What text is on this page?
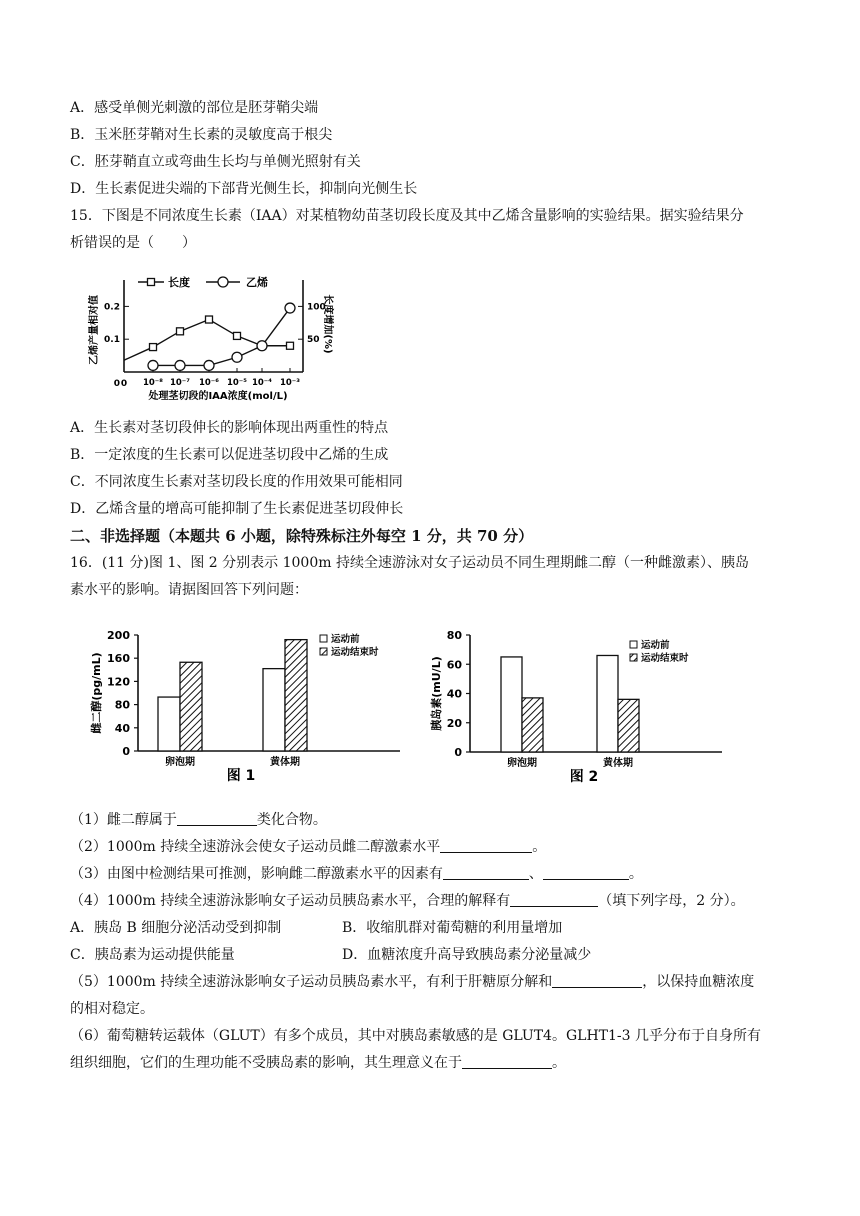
A．感受单侧光刺激的部位是胚芽鞘尖端
B．玉米胚芽鞘对生长素的灵敏度高于根尖
C．胚芽鞘直立或弯曲生长均与单侧光照射有关
D．生长素促进尖端的下部背光侧生长，抑制向光侧生长
15．下图是不同浓度生长素（IAA）对某植物幼苗茎切段长度及其中乙烯含量影响的实验结果。据实验结果分
析错误的是（　　）
0
0.1
0.2
50
100
10⁻⁸ 10⁻⁷ 10⁻⁶ 10⁻⁵ 10⁻⁴ 10⁻³
0
处理茎切段的IAA浓度(mol/L)
乙烯产量相对值	长度增加(%)
长度	乙烯
A．生长素对茎切段伸长的影响体现出两重性的特点
B．一定浓度的生长素可以促进茎切段中乙烯的生成
C．不同浓度生长素对茎切段长度的作用效果可能相同
D．乙烯含量的增高可能抑制了生长素促进茎切段伸长
二、非选择题（本题共 6 小题，除特殊标注外每空 1 分，共 70 分）
16．(11 分)图 1、图 2 分别表示 1000m 持续全速游泳对女子运动员不同生理期雌二醇（一种雌激素）、胰岛
素水平的影响。请据图回答下列问题：
0
40
80
120
160
200
雌二醇(pg/mL)
运动前
运动结束时
图 1
卵泡期	黄体期
0
20
40
60
80
胰岛素(mU/L)
运动前
运动结束时
图 2
卵泡期	黄体期
（1）雌二醇属于	类化合物。
（2）1000m 持续全速游泳会使女子运动员雌二醇激素水平	。
（3）由图中检测结果可推测，影响雌二醇激素水平的因素有	、	。
（4）1000m 持续全速游泳影响女子运动员胰岛素水平，合理的解释有	（填下列字母，2 分）。
A．胰岛 B 细胞分泌活动受到抑制	B．收缩肌群对葡萄糖的利用量增加
C．胰岛素为运动提供能量	D．血糖浓度升高导致胰岛素分泌量减少
（5）1000m 持续全速游泳影响女子运动员胰岛素水平，有利于肝糖原分解和	，以保持血糖浓度
的相对稳定。
（6）葡萄糖转运载体（GLUT）有多个成员，其中对胰岛素敏感的是 GLUT4。GLHT1-3 几乎分布于自身所有
组织细胞，它们的生理功能不受胰岛素的影响，其生理意义在于	。
